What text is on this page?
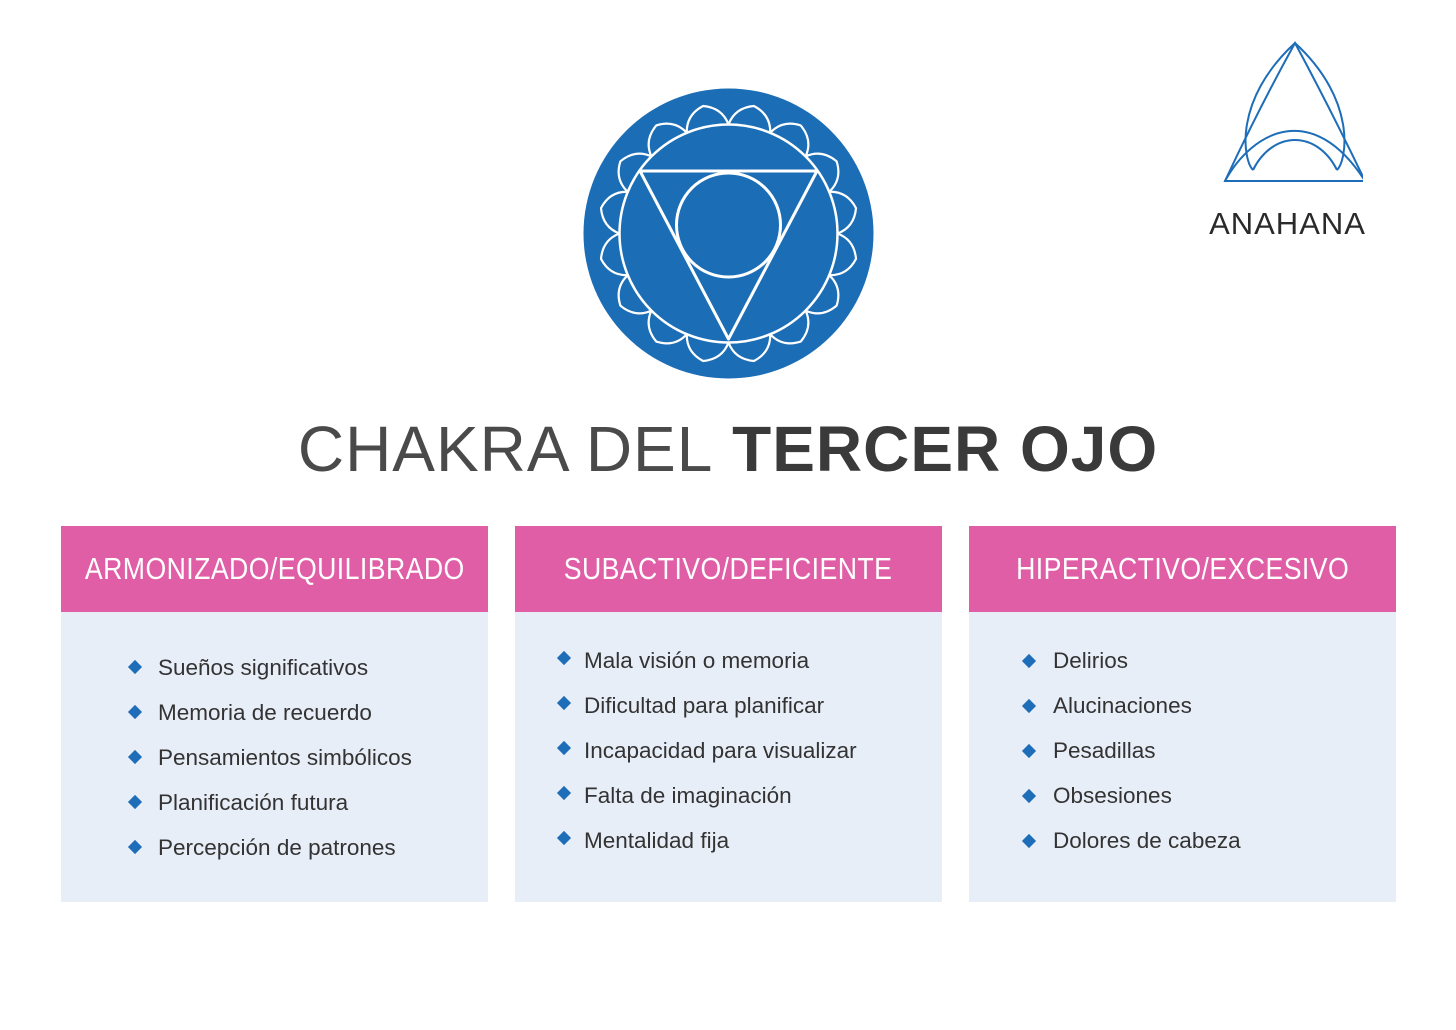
ANAHANA
CHAKRA DEL TERCER OJO
ARMONIZADO/EQUILIBRADO
Sueños significativos
Memoria de recuerdo
Pensamientos simbólicos
Planificación futura
Percepción de patrones
SUBACTIVO/DEFICIENTE
Mala visión o memoria
Dificultad para planificar
Incapacidad para visualizar
Falta de imaginación
Mentalidad fija
HIPERACTIVO/EXCESIVO
Delirios
Alucinaciones
Pesadillas
Obsesiones
Dolores de cabeza
